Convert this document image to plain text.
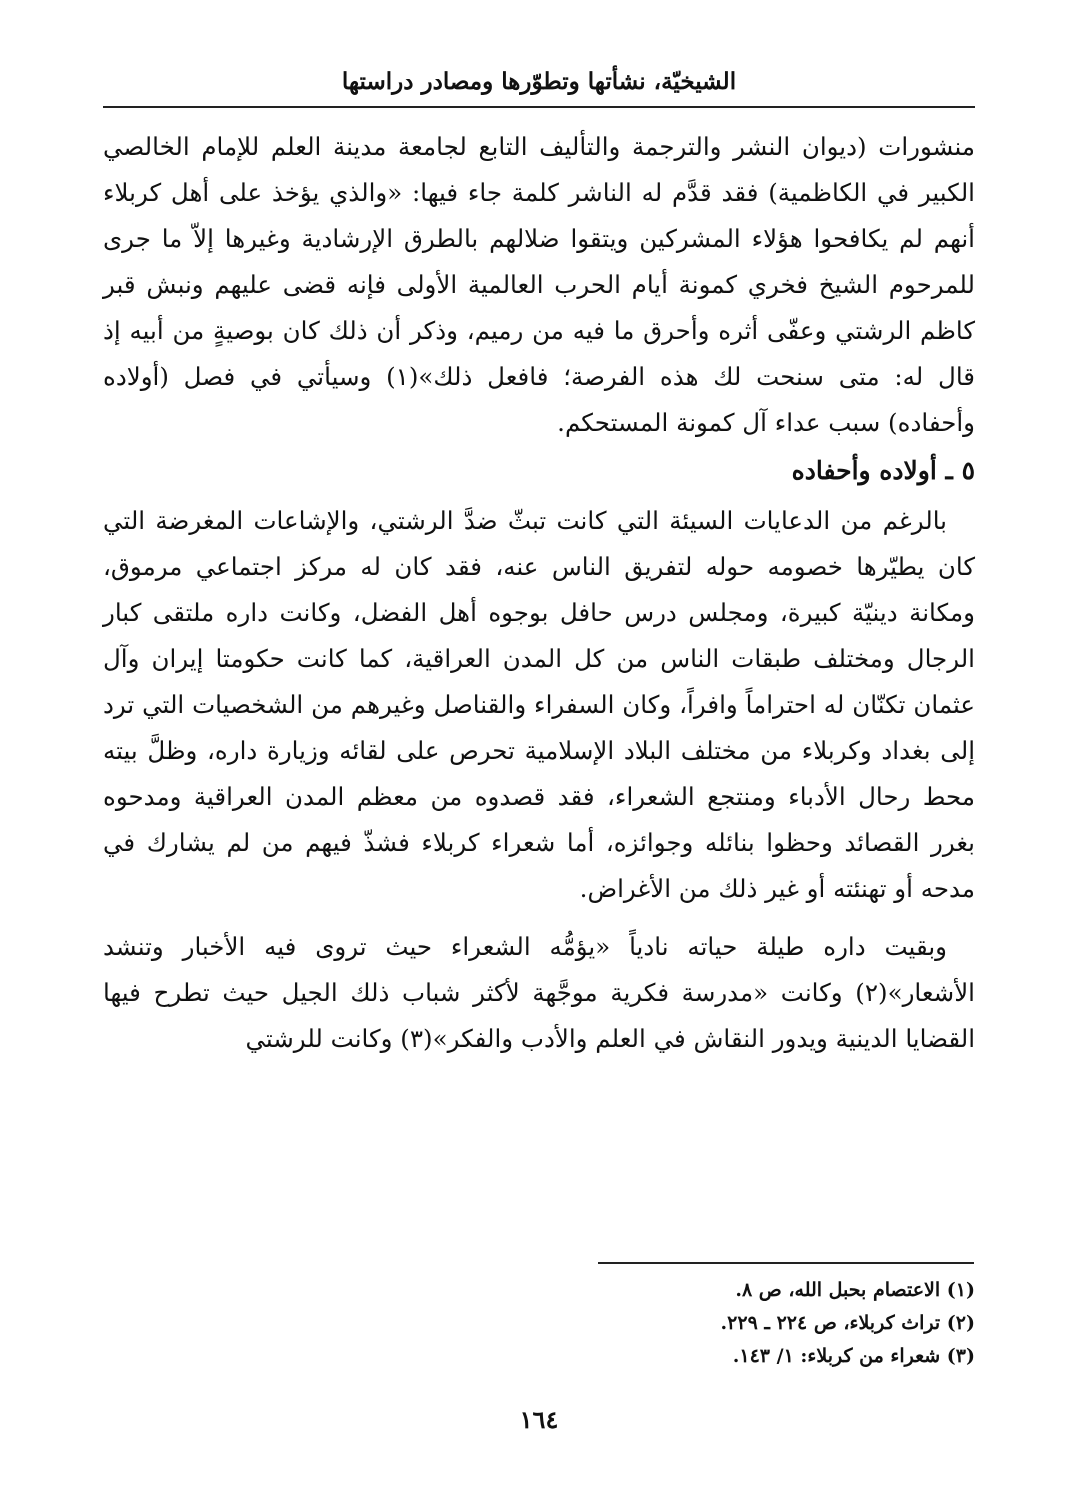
الشيخيّة، نشأتها وتطوّرها ومصادر دراستها

منشورات (ديوان النشر والترجمة والتأليف التابع لجامعة مدينة العلم للإمام الخالصي الكبير في الكاظمية) فقد قدَّم له الناشر كلمة جاء فيها: «والذي يؤخذ على أهل كربلاء أنهم لم يكافحوا هؤلاء المشركين ويتقوا ضلالهم بالطرق الإرشادية وغيرها إلاّ ما جرى للمرحوم الشيخ فخري كمونة أيام الحرب العالمية الأولى فإنه قضى عليهم ونبش قبر كاظم الرشتي وعفّى أثره وأحرق ما فيه من رميم، وذكر أن ذلك كان بوصيةٍ من أبيه إذ قال له: متى سنحت لك هذه الفرصة؛ فافعل ذلك»(١) وسيأتي في فصل (أولاده وأحفاده) سبب عداء آل كمونة المستحكم.

٥ ـ أولاده وأحفاده

بالرغم من الدعايات السيئة التي كانت تبثّ ضدَّ الرشتي، والإشاعات المغرضة التي كان يطيّرها خصومه حوله لتفريق الناس عنه، فقد كان له مركز اجتماعي مرموق، ومكانة دينيّة كبيرة، ومجلس درس حافل بوجوه أهل الفضل، وكانت داره ملتقى كبار الرجال ومختلف طبقات الناس من كل المدن العراقية، كما كانت حكومتا إيران وآل عثمان تكنّان له احتراماً وافراً، وكان السفراء والقناصل وغيرهم من الشخصيات التي ترد إلى بغداد وكربلاء من مختلف البلاد الإسلامية تحرص على لقائه وزيارة داره، وظلَّ بيته محط رحال الأدباء ومنتجع الشعراء، فقد قصدوه من معظم المدن العراقية ومدحوه بغرر القصائد وحظوا بنائله وجوائزه، أما شعراء كربلاء فشذّ فيهم من لم يشارك في مدحه أو تهنئته أو غير ذلك من الأغراض.

وبقيت داره طيلة حياته نادياً «يؤمُّه الشعراء حيث تروى فيه الأخبار وتنشد الأشعار»(٢) وكانت «مدرسة فكرية موجَّهة لأكثر شباب ذلك الجيل حيث تطرح فيها القضايا الدينية ويدور النقاش في العلم والأدب والفكر»(٣) وكانت للرشتي

(١) الاعتصام بحبل الله، ص ٨.

(٢) تراث كربلاء، ص ٢٢٤ ـ ٢٢٩.

(٣) شعراء من كربلاء: ١/ ١٤٣.

١٦٤
